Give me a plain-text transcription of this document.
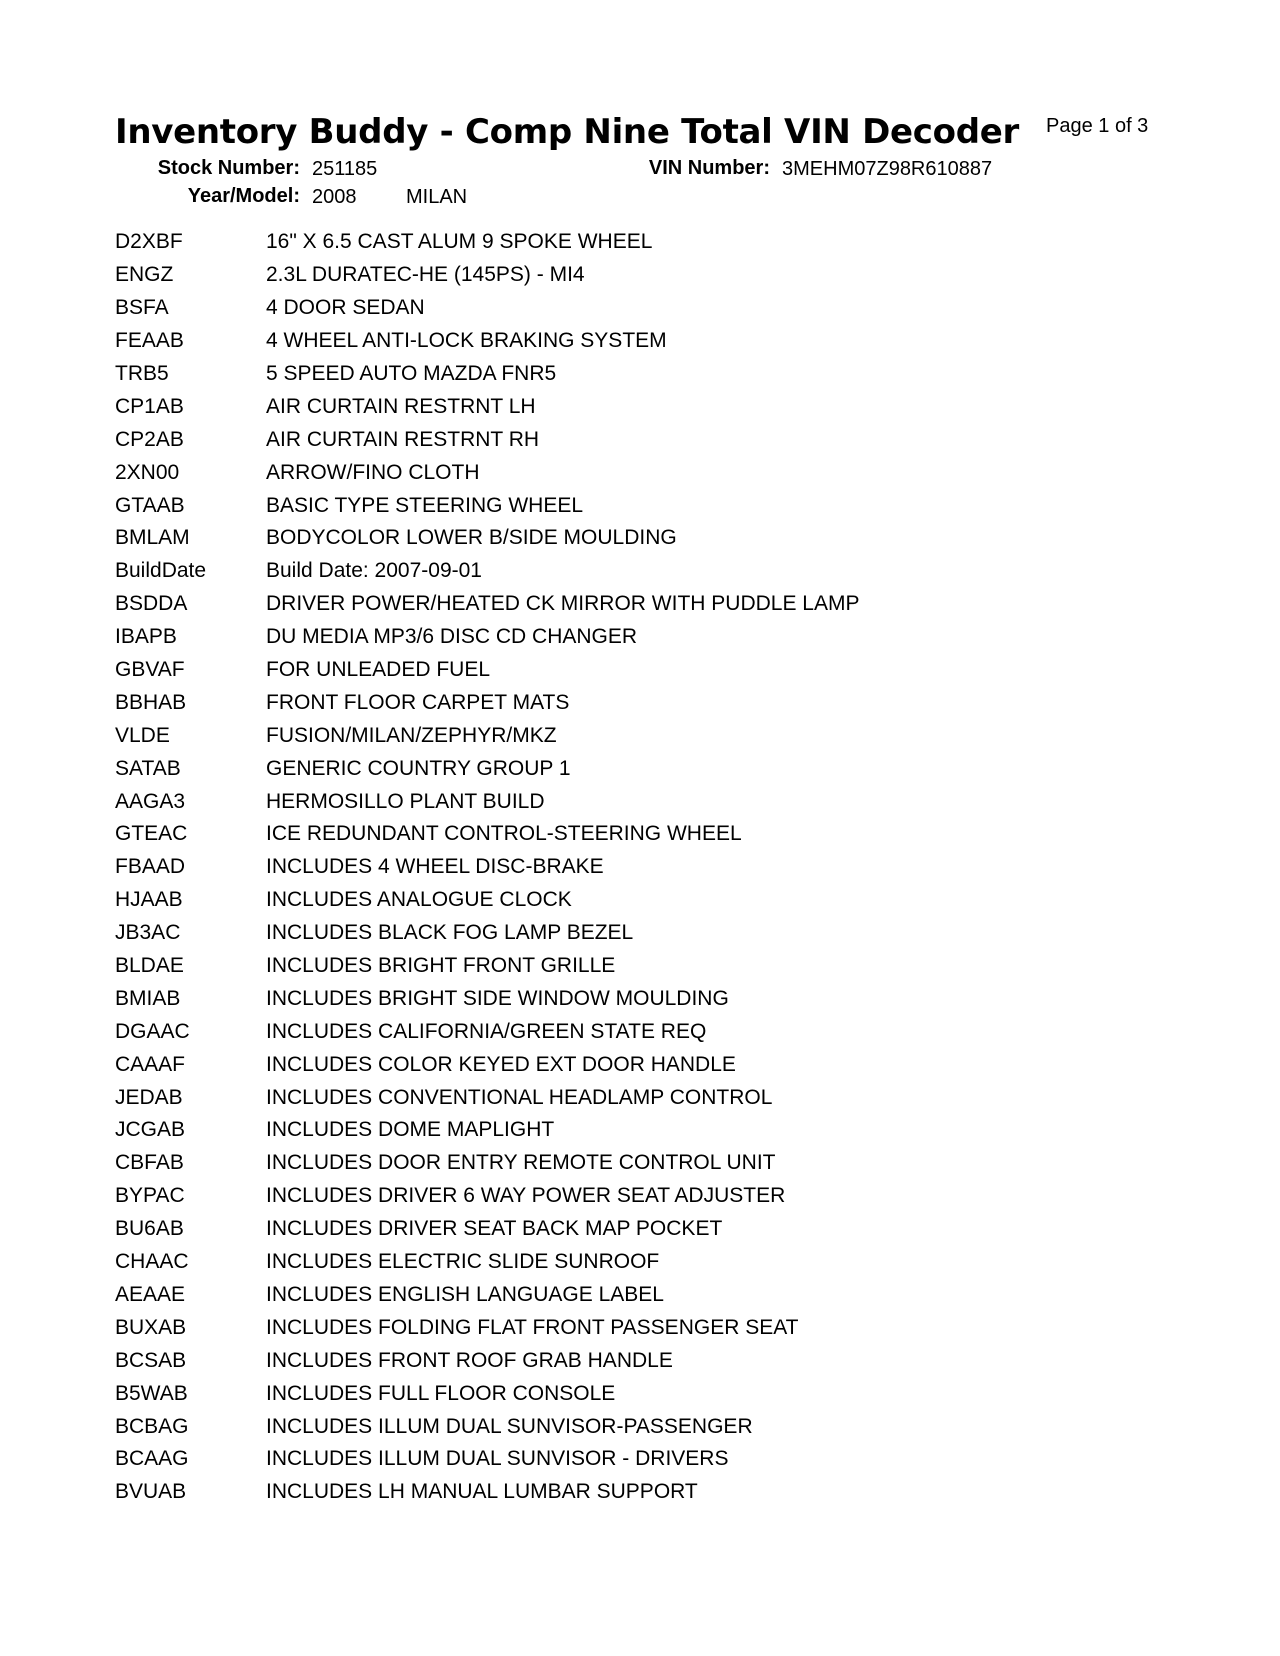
Inventory Buddy - Comp Nine Total VIN Decoder Page 1 of 3
Stock Number: 251185	VIN Number: 3MEHM07Z98R610887
Year/Model: 2008 MILAN
D2XBF	16" X 6.5 CAST ALUM 9 SPOKE WHEEL
ENGZ	2.3L DURATEC-HE (145PS) - MI4
BSFA	4 DOOR SEDAN
FEAAB	4 WHEEL ANTI-LOCK BRAKING SYSTEM
TRB5	5 SPEED AUTO MAZDA FNR5
CP1AB	AIR CURTAIN RESTRNT LH
CP2AB	AIR CURTAIN RESTRNT RH
2XN00	ARROW/FINO CLOTH
GTAAB	BASIC TYPE STEERING WHEEL
BMLAM	BODYCOLOR LOWER B/SIDE MOULDING
BuildDate	Build Date: 2007-09-01
BSDDA	DRIVER POWER/HEATED CK MIRROR WITH PUDDLE LAMP
IBAPB	DU MEDIA MP3/6 DISC CD CHANGER
GBVAF	FOR UNLEADED FUEL
BBHAB	FRONT FLOOR CARPET MATS
VLDE	FUSION/MILAN/ZEPHYR/MKZ
SATAB	GENERIC COUNTRY GROUP 1
AAGA3	HERMOSILLO PLANT BUILD
GTEAC	ICE REDUNDANT CONTROL-STEERING WHEEL
FBAAD	INCLUDES 4 WHEEL DISC-BRAKE
HJAAB	INCLUDES ANALOGUE CLOCK
JB3AC	INCLUDES BLACK FOG LAMP BEZEL
BLDAE	INCLUDES BRIGHT FRONT GRILLE
BMIAB	INCLUDES BRIGHT SIDE WINDOW MOULDING
DGAAC	INCLUDES CALIFORNIA/GREEN STATE REQ
CAAAF	INCLUDES COLOR KEYED EXT DOOR HANDLE
JEDAB	INCLUDES CONVENTIONAL HEADLAMP CONTROL
JCGAB	INCLUDES DOME MAPLIGHT
CBFAB	INCLUDES DOOR ENTRY REMOTE CONTROL UNIT
BYPAC	INCLUDES DRIVER 6 WAY POWER SEAT ADJUSTER
BU6AB	INCLUDES DRIVER SEAT BACK MAP POCKET
CHAAC	INCLUDES ELECTRIC SLIDE SUNROOF
AEAAE	INCLUDES ENGLISH LANGUAGE LABEL
BUXAB	INCLUDES FOLDING FLAT FRONT PASSENGER SEAT
BCSAB	INCLUDES FRONT ROOF GRAB HANDLE
B5WAB	INCLUDES FULL FLOOR CONSOLE
BCBAG	INCLUDES ILLUM DUAL SUNVISOR-PASSENGER
BCAAG	INCLUDES ILLUM DUAL SUNVISOR - DRIVERS
BVUAB	INCLUDES LH MANUAL LUMBAR SUPPORT
